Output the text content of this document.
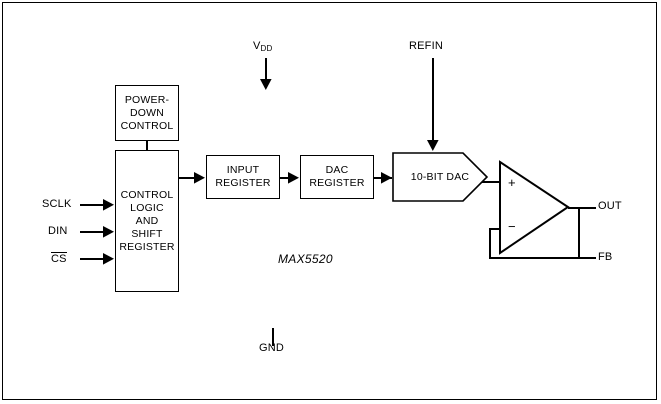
POWER-
DOWN
CONTROL
CONTROL
LOGIC
AND
SHIFT
REGISTER
INPUT
REGISTER
DAC
REGISTER	10-BIT DAC	+
−
MAX5520
$V_{DD}$	REFIN
GND
SCLK
DIN
CS
OUT
FB
